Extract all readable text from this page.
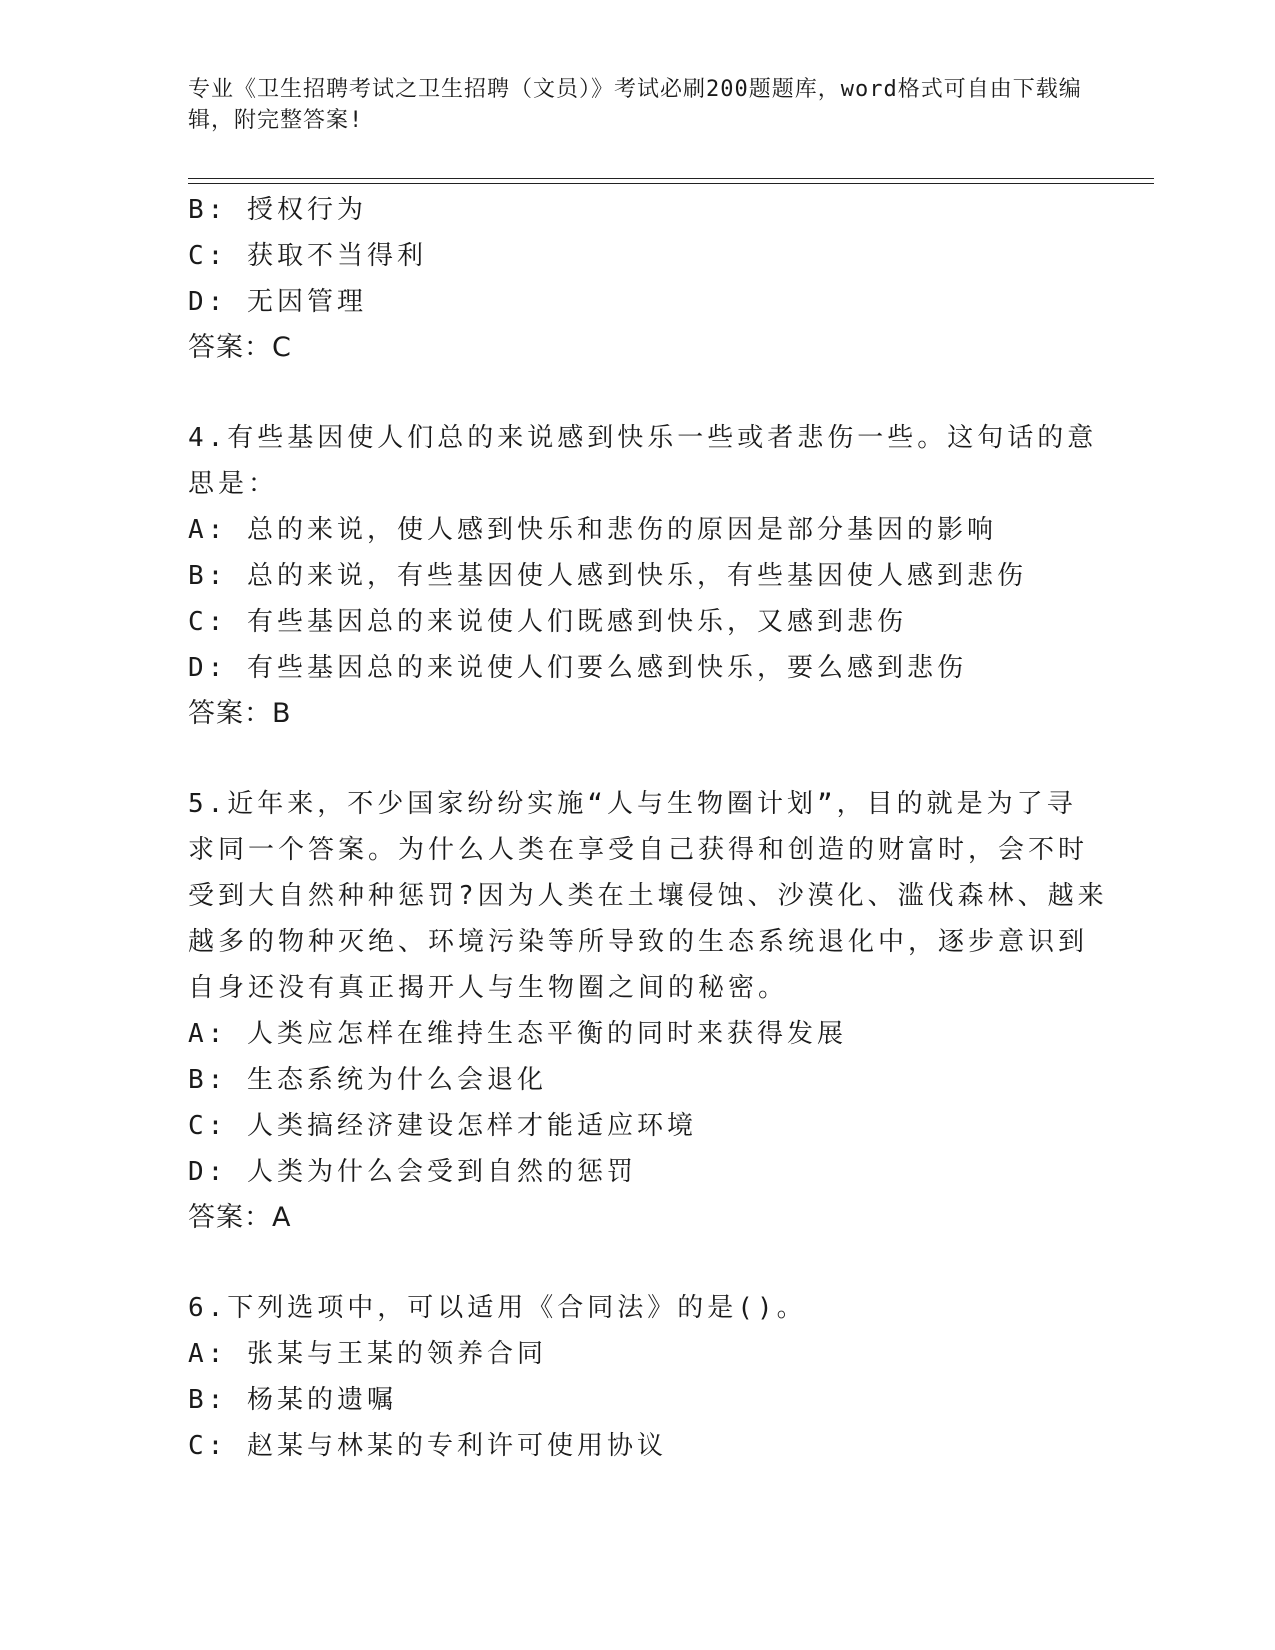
专业《卫生招聘考试之卫生招聘（文员）》考试必刷200题题库，word格式可自由下载编辑，附完整答案!
B: 授权行为
C: 获取不当得利
D: 无因管理
答案：C
4.有些基因使人们总的来说感到快乐一些或者悲伤一些。这句话的意
思是：
A: 总的来说，使人感到快乐和悲伤的原因是部分基因的影响
B: 总的来说，有些基因使人感到快乐，有些基因使人感到悲伤
C: 有些基因总的来说使人们既感到快乐，又感到悲伤
D: 有些基因总的来说使人们要么感到快乐，要么感到悲伤
答案：B
5.近年来，不少国家纷纷实施“人与生物圈计划”，目的就是为了寻
求同一个答案。为什么人类在享受自己获得和创造的财富时，会不时
受到大自然种种惩罚?因为人类在土壤侵蚀、沙漠化、滥伐森林、越来
越多的物种灭绝、环境污染等所导致的生态系统退化中，逐步意识到
自身还没有真正揭开人与生物圈之间的秘密。
A: 人类应怎样在维持生态平衡的同时来获得发展
B: 生态系统为什么会退化
C: 人类搞经济建设怎样才能适应环境
D: 人类为什么会受到自然的惩罚
答案：A
6.下列选项中，可以适用《合同法》的是()。
A: 张某与王某的领养合同
B: 杨某的遗嘱
C: 赵某与林某的专利许可使用协议
